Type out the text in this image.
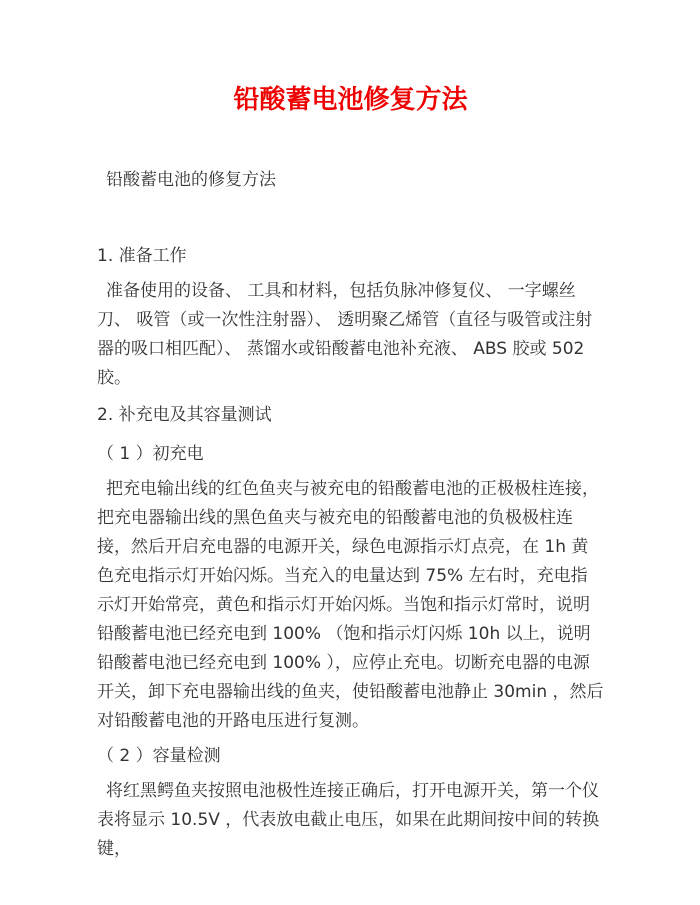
铅酸蓄电池修复方法

铅酸蓄电池的修复方法

1. 准备工作

准备使用的设备、 工具和材料，包括负脉冲修复仪、 一字螺丝刀、 吸管（或一次性注射器）、 透明聚乙烯管（直径与吸管或注射器的吸口相匹配）、 蒸馏水或铅酸蓄电池补充液、 ABS 胶或 502 胶。

2. 补充电及其容量测试

（ 1 ）初充电

把充电输出线的红色鱼夹与被充电的铅酸蓄电池的正极极柱连接，把充电器输出线的黑色鱼夹与被充电的铅酸蓄电池的负极极柱连接，然后开启充电器的电源开关，绿色电源指示灯点亮，在 1h 黄色充电指示灯开始闪烁。当充入的电量达到 75% 左右时，充电指示灯开始常亮，黄色和指示灯开始闪烁。当饱和指示灯常时，说明铅酸蓄电池已经充电到 100% （饱和指示灯闪烁 10h 以上，说明铅酸蓄电池已经充电到 100% ），应停止充电。切断充电器的电源开关，卸下充电器输出线的鱼夹，使铅酸蓄电池静止 30min ，然后对铅酸蓄电池的开路电压进行复测。

（ 2 ）容量检测

将红黑鳄鱼夹按照电池极性连接正确后，打开电源开关，第一个仪表将显示 10.5V ，代表放电截止电压，如果在此期间按中间的转换键，
